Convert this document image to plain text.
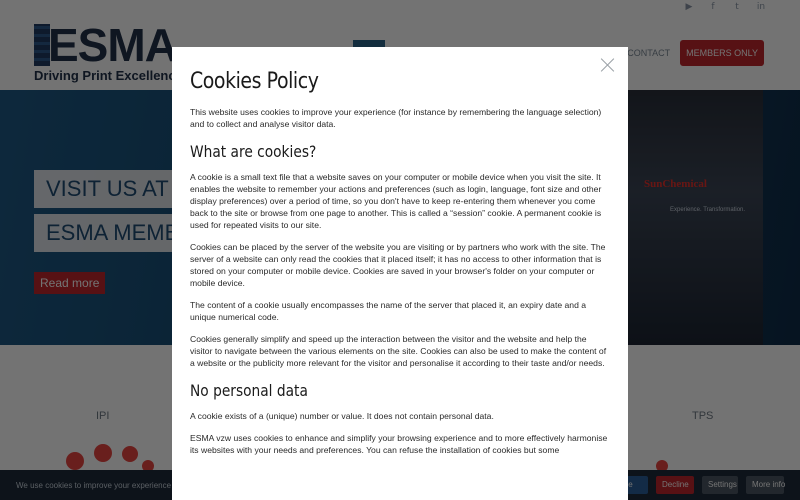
Cookies Policy

This website uses cookies to improve your experience (for instance by remembering the language selection) and to collect and analyse visitor data.

What are cookies?

A cookie is a small text file that a website saves on your computer or mobile device when you visit the site. It enables the website to remember your actions and preferences (such as login, language, font size and other display preferences) over a period of time, so you don't have to keep re-entering them whenever you come back to the site or browse from one page to another. This is called a “session” cookie. A permanent cookie is used for repeated visits to our site.

Cookies can be placed by the server of the website you are visiting or by partners who work with the site. The server of a website can only read the cookies that it placed itself; it has no access to other information that is stored on your computer or mobile device. Cookies are saved in your browser's folder on your computer or mobile device.

The content of a cookie usually encompasses the name of the server that placed it, an expiry date and a unique numerical code.

Cookies generally simplify and speed up the interaction between the visitor and the website and help the visitor to navigate between the various elements on the site. Cookies can also be used to make the content of a website or the publicity more relevant for the visitor and personalise it according to their taste and/or needs.

No personal data

A cookie exists of a (unique) number or value. It does not contain personal data.

ESMA vzw uses cookies to enhance and simplify your browsing experience and to more effectively harmonise its websites with your needs and preferences. You can refuse the installation of cookies but some
